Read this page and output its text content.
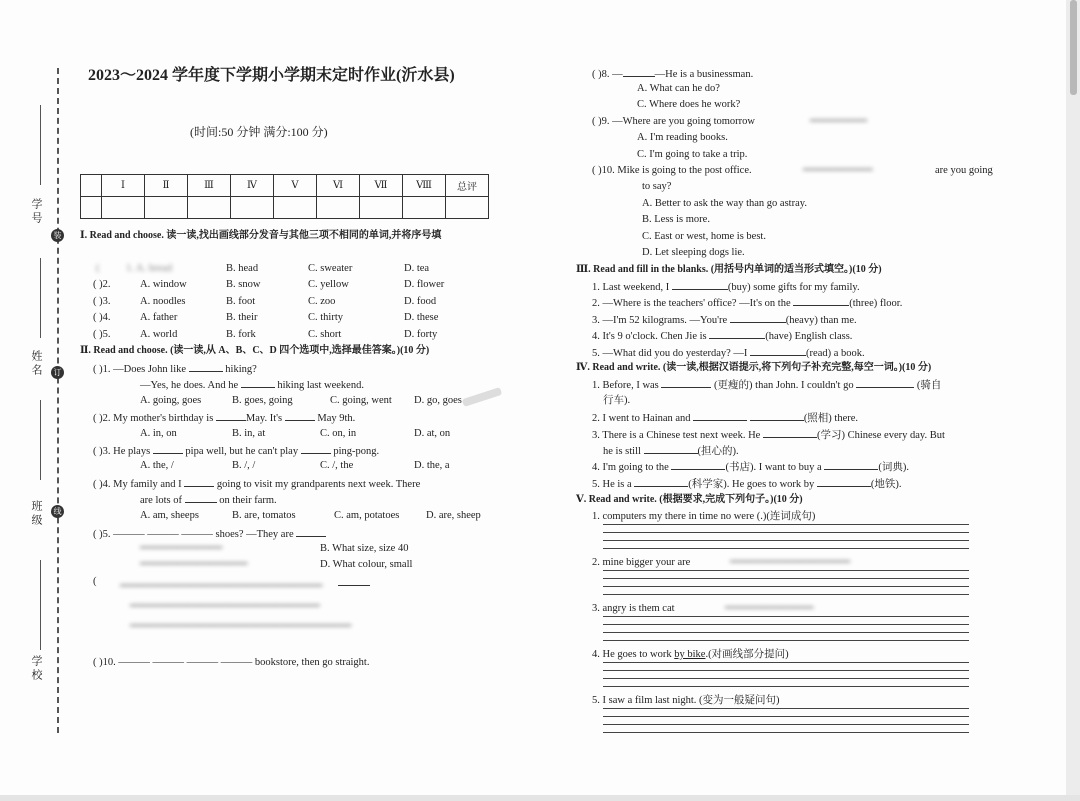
学 号
姓 名
班 级
学 校
装
订
线
2023～2024 学年度下学期小学期末定时作业(沂水县)
(时间:50 分钟 满分:100 分)
	Ⅰ	Ⅱ	Ⅲ	Ⅳ	Ⅴ	Ⅵ	Ⅶ	Ⅷ	总评

Ⅰ. Read and choose. 读一读,找出画线部分发音与其他三项不相同的单词,并将序号填
(	1. A. bread	B. head	C. sweater	D. tea
( )2.	A. window	B. snow	C. yellow	D. flower
( )3.	A. noodles	B. foot	C. zoo	D. food
( )4.	A. father	B. their	C. thirty	D. these
( )5.	A. world	B. fork	C. short	D. forty
Ⅱ. Read and choose. (读一读,从 A、B、C、D 四个选项中,选择最佳答案。)(10 分)
( )1. —Does John like	hiking?
—Yes, he does. And he	hiking last weekend.
A. going, goes	B. goes, going	C. going, went D. go, goes
( )2. My mother's birthday is	May. It's	May 9th.
A. in, on	B. in, at	C. on, in	D. at, on
( )3. He plays	pipa well, but he can't play	ping-pong.
A. the, /	B. /, /	C. /, the	D. the, a
( )4. My family and I	going to visit my grandparents next week. There
are lots of	on their farm.
A. am, sheeps	B. are, tomatos	C. am, potatoes	D. are, sheep
( )5. ——— ——— ——— shoes? —They are
━━━━━━━━━━━━━	B. What size, size 40
━━━━━━━━━━━━━━━━━	D. What colour, small
( ━━━━━━━━━━━━━━━━━━━━━━━━━━━━━━━━
━━━━━━━━━━━━━━━━━━━━━━━━━━━━━━
━━━━━━━━━━━━━━━━━━━━━━━━━━━━━━━━━━━
( )10. ——— ——— ——— ——— bookstore, then go straight.
( )8. —	—He is a businessman.
A. What can he do?
C. Where does he work?
( )9. —Where are you going tomorrow	━━━━━━━━━
A. I'm reading books.
C. I'm going to take a trip.
( )10. Mike is going to the post office.	━━━━━━━━━━━	are you going
to say?
A. Better to ask the way than go astray.
B. Less is more.
C. East or west, home is best.
D. Let sleeping dogs lie.
Ⅲ. Read and fill in the blanks. (用括号内单词的适当形式填空。)(10 分)
1. Last weekend, I	(buy) some gifts for my family.
2. —Where is the teachers' office? —It's on the	(three) floor.
3. —I'm 52 kilograms. —You're	(heavy) than me.
4. It's 9 o'clock. Chen Jie is	(have) English class.
5. —What did you do yesterday? —I	(read) a book.
Ⅳ. Read and write. (读一读,根据汉语提示,将下列句子补充完整,每空一词。)(10 分)
1. Before, I was	(更瘦的) than John. I couldn't go	(骑自
行车).
2. I went to Hainan and	(照相) there.
3. There is a Chinese test next week. He	(学习) Chinese every day. But
he is still	(担心的).
4. I'm going to the	(书店). I want to buy a	(词典).
5. He is a	(科学家). He goes to work by	(地铁).
Ⅴ. Read and write. (根据要求,完成下列句子。)(10 分)
1. computers my there in time no were (.)(连词成句)
2. mine bigger your are	━━━━━━━━━━━━━━━━━━━
3. angry is them cat	━━━━━━━━━━━━━━
4. He goes to work by bike.(对画线部分提问)
5. I saw a film last night. (变为一般疑问句)
